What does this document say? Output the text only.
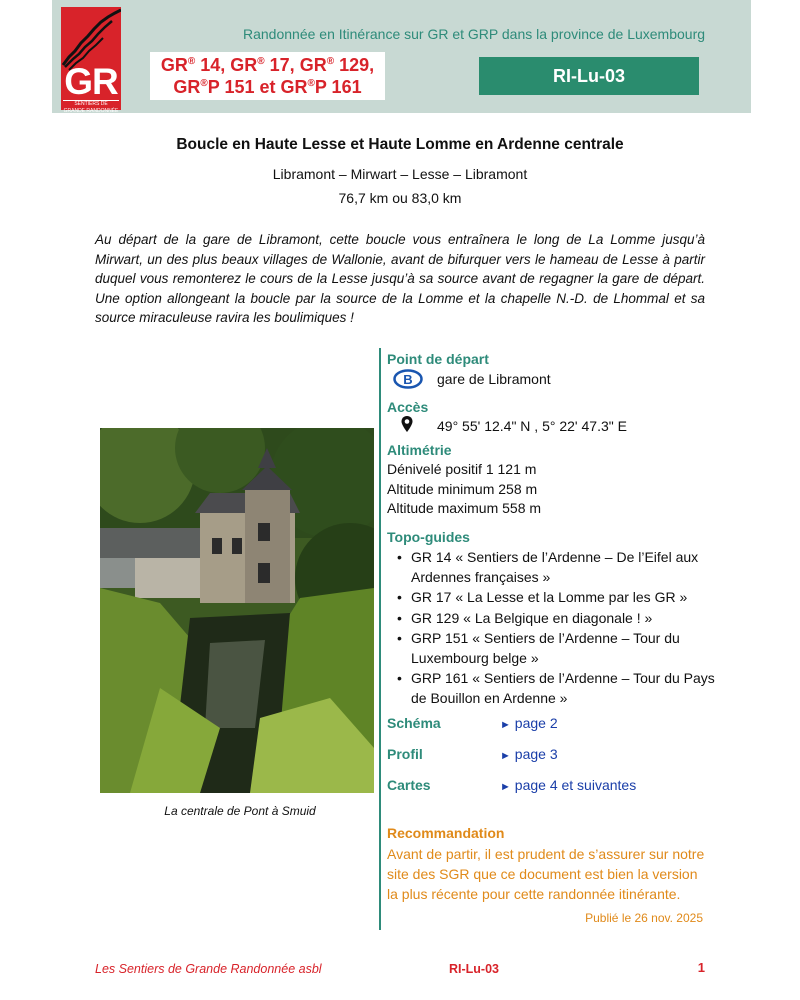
GR
SENTIERS DE GRANDE RANDONNÉE
Randonnée en Itinérance sur GR et GRP dans la province de Luxembourg
GR® 14, GR® 17, GR® 129,
GR®P 151 et GR®P 161
RI-Lu-03
Boucle en Haute Lesse et Haute Lomme en Ardenne centrale
Libramont – Mirwart – Lesse – Libramont
76,7 km ou 83,0 km

Au départ de la gare de Libramont, cette boucle vous entraînera le long de La Lomme jusqu’à Mirwart, un des plus beaux villages de Wallonie, avant de bifurquer vers le hameau de Lesse à partir duquel vous remonterez le cours de la Lesse jusqu’à sa source avant de regagner la gare de départ. Une option allongeant la boucle par la source de la Lomme et la chapelle N.-D. de Lhommal et sa source miraculeuse ravira les boulimiques !

La centrale de Pont à Smuid
Point de départ
B gare de Libramont
Accès
49° 55' 12.4" N , 5° 22' 47.3" E
Altimétrie
Dénivelé positif 1 121 m
Altitude minimum 258 m
Altitude maximum 558 m
Topo-guides
• GR 14 « Sentiers de l’Ardenne – De l’Eifel aux Ardennes françaises »
• GR 17 « La Lesse et la Lomme par les GR »
• GR 129 « La Belgique en diagonale ! »
• GRP 151 « Sentiers de l’Ardenne – Tour du Luxembourg belge »
• GRP 161 « Sentiers de l’Ardenne – Tour du Pays de Bouillon en Ardenne »
Schéma	► page 2
Profil	► page 3
Cartes	► page 4 et suivantes
Recommandation
Avant de partir, il est prudent de s’assurer sur notre site des SGR que ce document est bien la version la plus récente pour cette randonnée itinérante.
Publié le 26 nov. 2025
Les Sentiers de Grande Randonnée asbl	RI-Lu-03	1
